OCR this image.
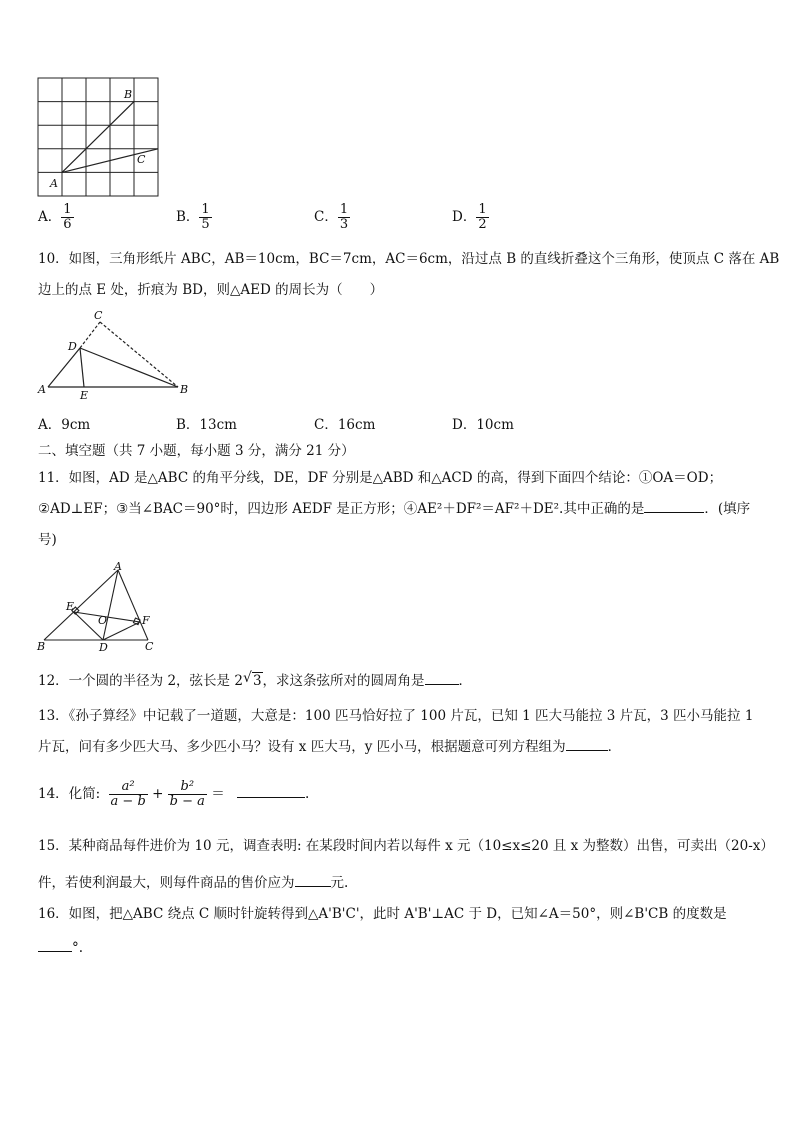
A
B
C
A． $\frac{1}{6}$	B． $\frac{1}{5}$	C． $\frac{1}{3}$	D． $\frac{1}{2}$
10．如图，三角形纸片 ABC，AB＝10cm，BC＝7cm，AC＝6cm，沿过点 B 的直线折叠这个三角形，使顶点 C 落在 AB
边上的点 E 处，折痕为 BD，则△AED 的周长为（　　）
A	B
C
D
E
A．9cm	B．13cm	C．16cm	D．10cm
二、填空题（共 7 小题，每小题 3 分，满分 21 分）
11．如图，AD 是△ABC 的角平分线，DE，DF 分别是△ABD 和△ACD 的高，得到下面四个结论：①OA＝OD；
②AD⊥EF；③当∠BAC＝90°时，四边形 AEDF 是正方形；④AE²＋DF²＝AF²＋DE².其中正确的是	．(填序
号)
A
B	C
D
E
F
O
12．一个圆的半径为 2，弦长是 2 √ 3，求这条弦所对的圆周角是	．
13．《孙子算经》中记载了一道题，大意是：100 匹马恰好拉了 100 片瓦，已知 1 匹大马能拉 3 片瓦，3 匹小马能拉 1
片瓦，问有多少匹大马、多少匹小马？设有 x 匹大马，y 匹小马，根据题意可列方程组为	．
14．化简: $\frac{\text{a²}}{a - b} + \frac{\text{b²}}{b - a}$ ＝	.
15．某种商品每件进价为 10 元，调查表明: 在某段时间内若以每件 x 元（10≤x≤20 且 x 为整数）出售，可卖出（20-x）
件，若使利润最大，则每件商品的售价应为	元.
16．如图，把△ABC 绕点 C 顺时针旋转得到△A'B'C'，此时 A'B'⊥AC 于 D，已知∠A＝50°，则∠B'CB 的度数是
°.
